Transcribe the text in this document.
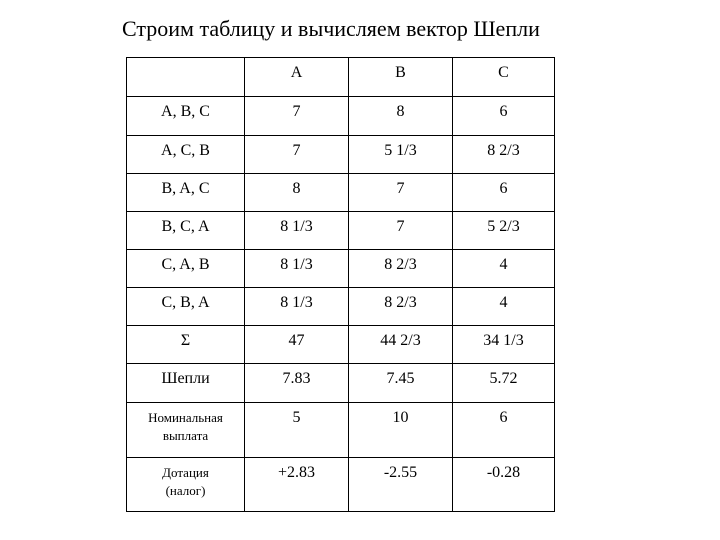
Строим таблицу и вычисляем вектор Шепли
	A	B	C
A, B, C	7	8	6
A, C, B	7	5 1/3	8 2/3
B, A, C	8	7	6
B, C, A	8 1/3	7	5 2/3
C, A, B	8 1/3	8 2/3	4
C, B, A	8 1/3	8 2/3	4
Σ	47	44 2/3	34 1/3
Шепли	7.83	7.45	5.72

Номинальная
выплата	5	10	6

Дотация
(налог)	+2.83	-2.55	-0.28
